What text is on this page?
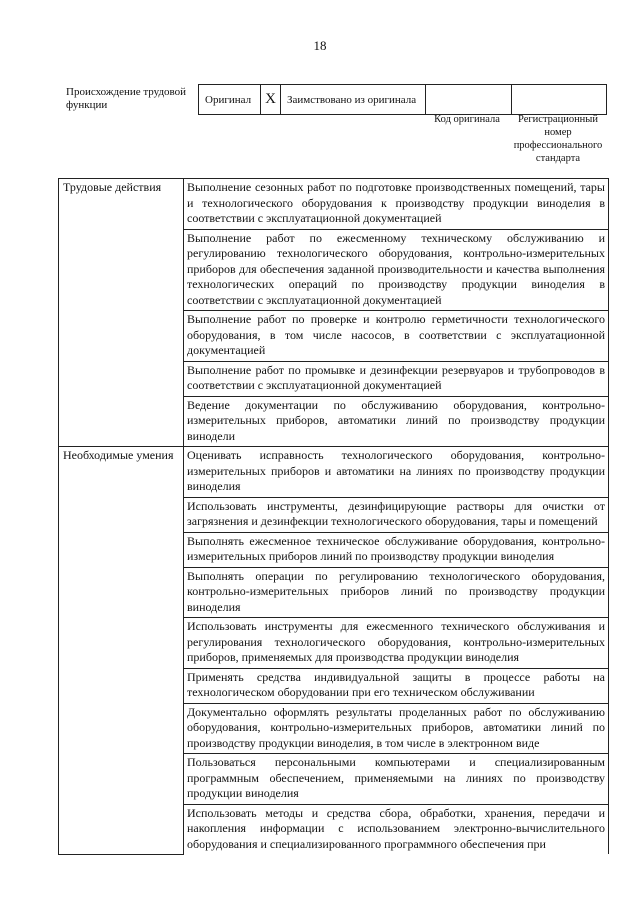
18
Происхождение трудовой функции	Оригинал	X	Заимствовано из оригинала		
Код оригинала	Регистрационный номер профессионального стандарта
Трудовые действия	Выполнение сезонных работ по подготовке производственных помещений, тары и технологического оборудования к производству продукции виноделия в соответствии с эксплуатационной документацией
	Выполнение работ по ежесменному техническому обслуживанию и регулированию технологического оборудования, контрольно-измерительных приборов для обеспечения заданной производительности и качества выполнения технологических операций по производству продукции виноделия в соответствии с эксплуатационной документацией
	Выполнение работ по проверке и контролю герметичности технологического оборудования, в том числе насосов, в соответствии с эксплуатационной документацией
	Выполнение работ по промывке и дезинфекции резервуаров и трубопроводов в соответствии с эксплуатационной документацией
	Ведение документации по обслуживанию оборудования, контрольно-измерительных приборов, автоматики линий по производству продукции винодели
Необходимые умения	Оценивать исправность технологического оборудования, контрольно-измерительных приборов и автоматики на линиях по производству продукции виноделия
	Использовать инструменты, дезинфицирующие растворы для очистки от загрязнения и дезинфекции технологического оборудования, тары и помещений
	Выполнять ежесменное техническое обслуживание оборудования, контрольно-измерительных приборов линий по производству продукции виноделия
	Выполнять операции по регулированию технологического оборудования, контрольно-измерительных приборов линий по производству продукции виноделия
	Использовать инструменты для ежесменного технического обслуживания и регулирования технологического оборудования, контрольно-измерительных приборов, применяемых для производства продукции виноделия
	Применять средства индивидуальной защиты в процессе работы на технологическом оборудовании при его техническом обслуживании
	Документально оформлять результаты проделанных работ по обслуживанию оборудования, контрольно-измерительных приборов, автоматики линий по производству продукции виноделия, в том числе в электронном виде
	Пользоваться персональными компьютерами и специализированным программным обеспечением, применяемыми на линиях по производству продукции виноделия
	Использовать методы и средства сбора, обработки, хранения, передачи и накопления информации с использованием электронно-вычислительного оборудования и специализированного программного обеспечения при
